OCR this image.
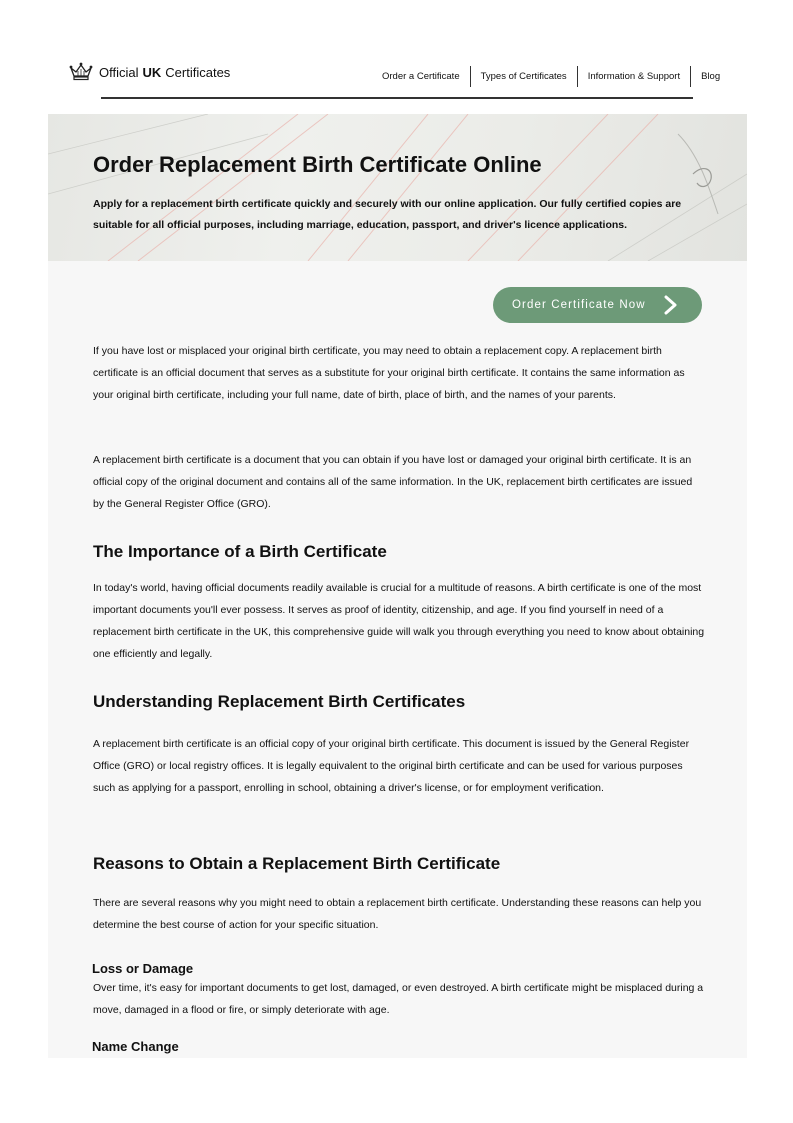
Official UK Certificates	Order a Certificate	Types of Certificates	Information & Support	Blog
Order Replacement Birth Certificate Online

Apply for a replacement birth certificate quickly and securely with our online application. Our fully certified copies are suitable for all official purposes, including marriage, education, passport, and driver's licence applications.

Order Certificate Now

If you have lost or misplaced your original birth certificate, you may need to obtain a replacement copy. A replacement birth certificate is an official document that serves as a substitute for your original birth certificate. It contains the same information as your original birth certificate, including your full name, date of birth, place of birth, and the names of your parents.

A replacement birth certificate is a document that you can obtain if you have lost or damaged your original birth certificate. It is an official copy of the original document and contains all of the same information. In the UK, replacement birth certificates are issued by the General Register Office (GRO).

The Importance of a Birth Certificate

In today's world, having official documents readily available is crucial for a multitude of reasons. A birth certificate is one of the most important documents you'll ever possess. It serves as proof of identity, citizenship, and age. If you find yourself in need of a replacement birth certificate in the UK, this comprehensive guide will walk you through everything you need to know about obtaining one efficiently and legally.

Understanding Replacement Birth Certificates

A replacement birth certificate is an official copy of your original birth certificate. This document is issued by the General Register Office (GRO) or local registry offices. It is legally equivalent to the original birth certificate and can be used for various purposes such as applying for a passport, enrolling in school, obtaining a driver's license, or for employment verification.

Reasons to Obtain a Replacement Birth Certificate

There are several reasons why you might need to obtain a replacement birth certificate. Understanding these reasons can help you determine the best course of action for your specific situation.

Loss or Damage

Over time, it's easy for important documents to get lost, damaged, or even destroyed. A birth certificate might be misplaced during a move, damaged in a flood or fire, or simply deteriorate with age.

Name Change
